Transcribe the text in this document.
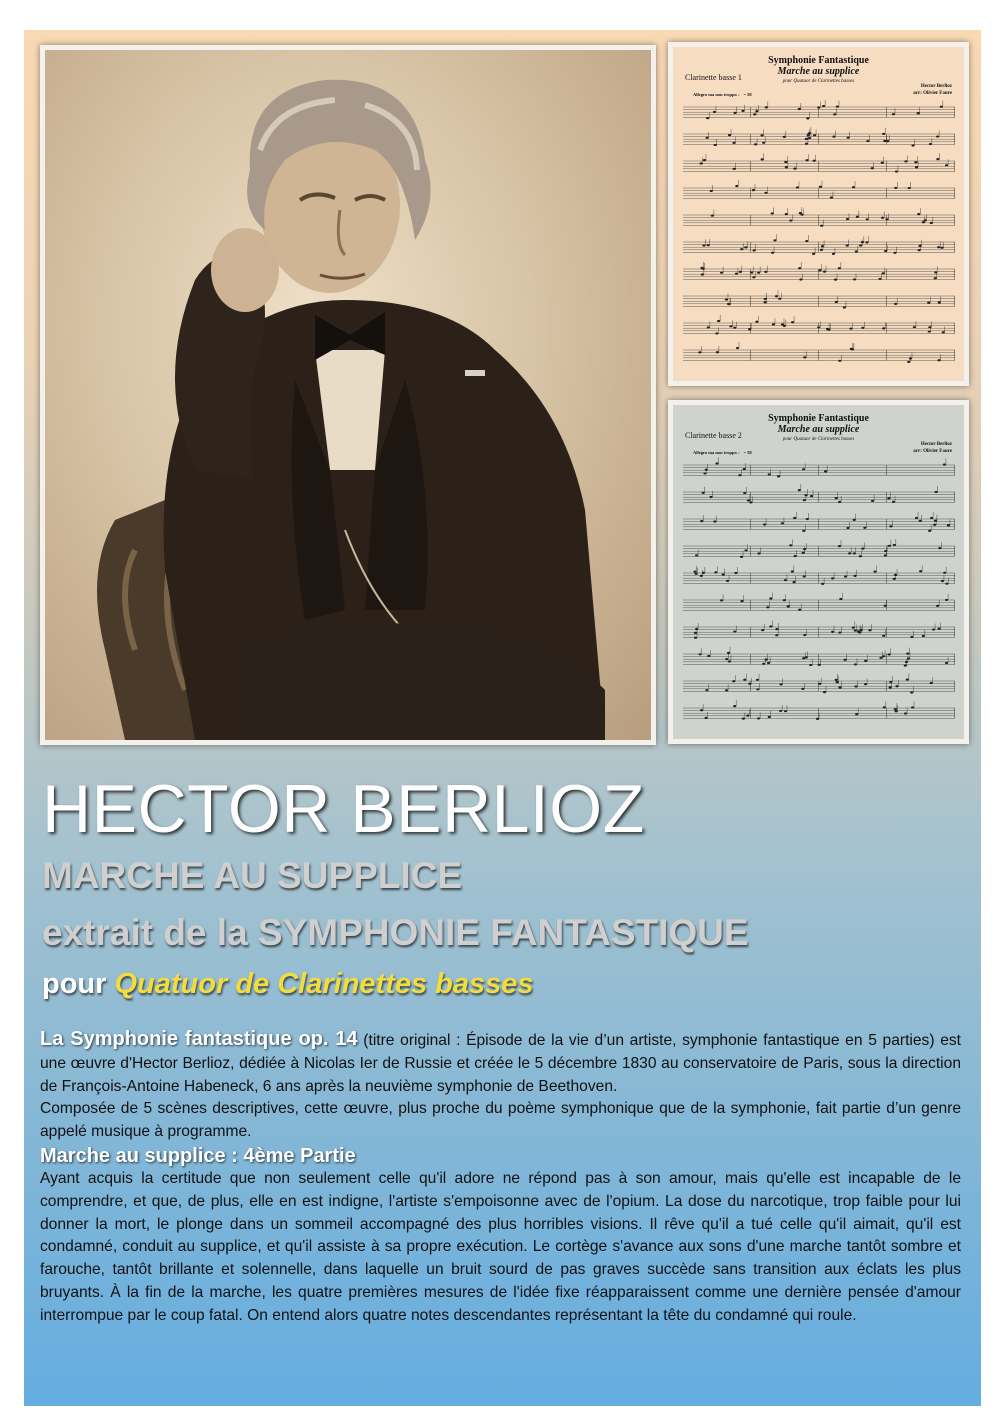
Symphonie Fantastique
Marche au supplice
pour Quatuor de Clarinettes basses
Clarinette basse 1
Hector Berlioz
arr: Olivier Faure
Allegro ma non troppo ♩ = 58
Symphonie Fantastique
Marche au supplice
pour Quatuor de Clarinettes basses
Clarinette basse 2
Hector Berlioz
arr: Olivier Faure
Allegro ma non troppo ♩ = 58
HECTOR BERLIOZ
MARCHE AU SUPPLICE
extrait de la SYMPHONIE FANTASTIQUE
pour Quatuor de Clarinettes basses

La Symphonie fantastique op. 14 (titre original : Épisode de la vie d’un artiste, symphonie fantastique en 5 parties) est une œuvre d'Hector Berlioz, dédiée à Nicolas Ier de Russie et créée le 5 décembre 1830 au conservatoire de Paris, sous la direction de François-Antoine Habeneck, 6 ans après la neuvième symphonie de Beethoven.

Composée de 5 scènes descriptives, cette œuvre, plus proche du poème symphonique que de la symphonie, fait partie d’un genre appelé musique à programme.

Marche au supplice : 4ème Partie

Ayant acquis la certitude que non seulement celle qu'il adore ne répond pas à son amour, mais qu'elle est incapable de le comprendre, et que, de plus, elle en est indigne, l'artiste s'empoisonne avec de l'opium. La dose du narcotique, trop faible pour lui donner la mort, le plonge dans un sommeil accompagné des plus horribles visions. Il rêve qu'il a tué celle qu'il aimait, qu'il est condamné, conduit au supplice, et qu'il assiste à sa propre exécution. Le cortège s'avance aux sons d'une marche tantôt sombre et farouche, tantôt brillante et solennelle, dans laquelle un bruit sourd de pas graves succède sans transition aux éclats les plus bruyants. À la fin de la marche, les quatre premières mesures de l'idée fixe réapparaissent comme une dernière pensée d'amour interrompue par le coup fatal. On entend alors quatre notes descendantes représentant la tête du condamné qui roule.
